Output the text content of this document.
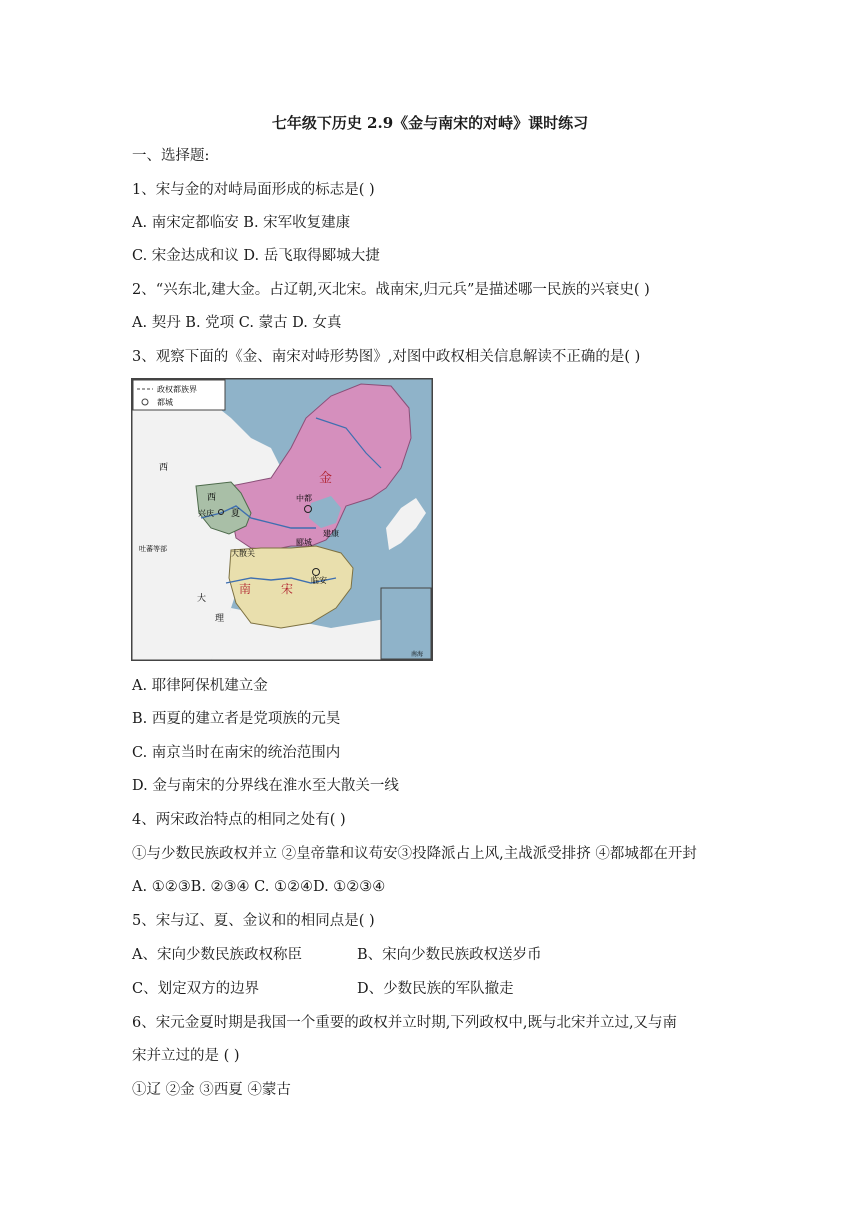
七年级下历史 2.9《金与南宋的对峙》课时练习
一、选择题:
1、宋与金的对峙局面形成的标志是( )
A. 南宋定都临安 B. 宋军收复建康
C. 宋金达成和议 D. 岳飞取得郾城大捷
2、“兴东北,建大金。占辽朝,灭北宋。战南宋,归元兵”是描述哪一民族的兴衰史( )
A. 契丹 B. 党项 C. 蒙古 D. 女真
3、观察下面的《金、南宋对峙形势图》,对图中政权相关信息解读不正确的是( )
政权都族界
都城
金
中都
西
西
夏
兴庆
郾城
大散关
吐蕃等部
建康
临安
南 宋
大
理
南海
A. 耶律阿保机建立金
B. 西夏的建立者是党项族的元昊
C. 南京当时在南宋的统治范围内
D. 金与南宋的分界线在淮水至大散关一线
4、两宋政治特点的相同之处有( )
①与少数民族政权并立 ②皇帝靠和议苟安③投降派占上风,主战派受排挤 ④都城都在开封
A. ①②③B. ②③④ C. ①②④D. ①②③④
5、宋与辽、夏、金议和的相同点是( )
A、宋向少数民族政权称臣	B、宋向少数民族政权送岁币
C、划定双方的边界	D、少数民族的军队撤走
6、宋元金夏时期是我国一个重要的政权并立时期,下列政权中,既与北宋并立过,又与南
宋并立过的是 ( )
①辽 ②金 ③西夏 ④蒙古
